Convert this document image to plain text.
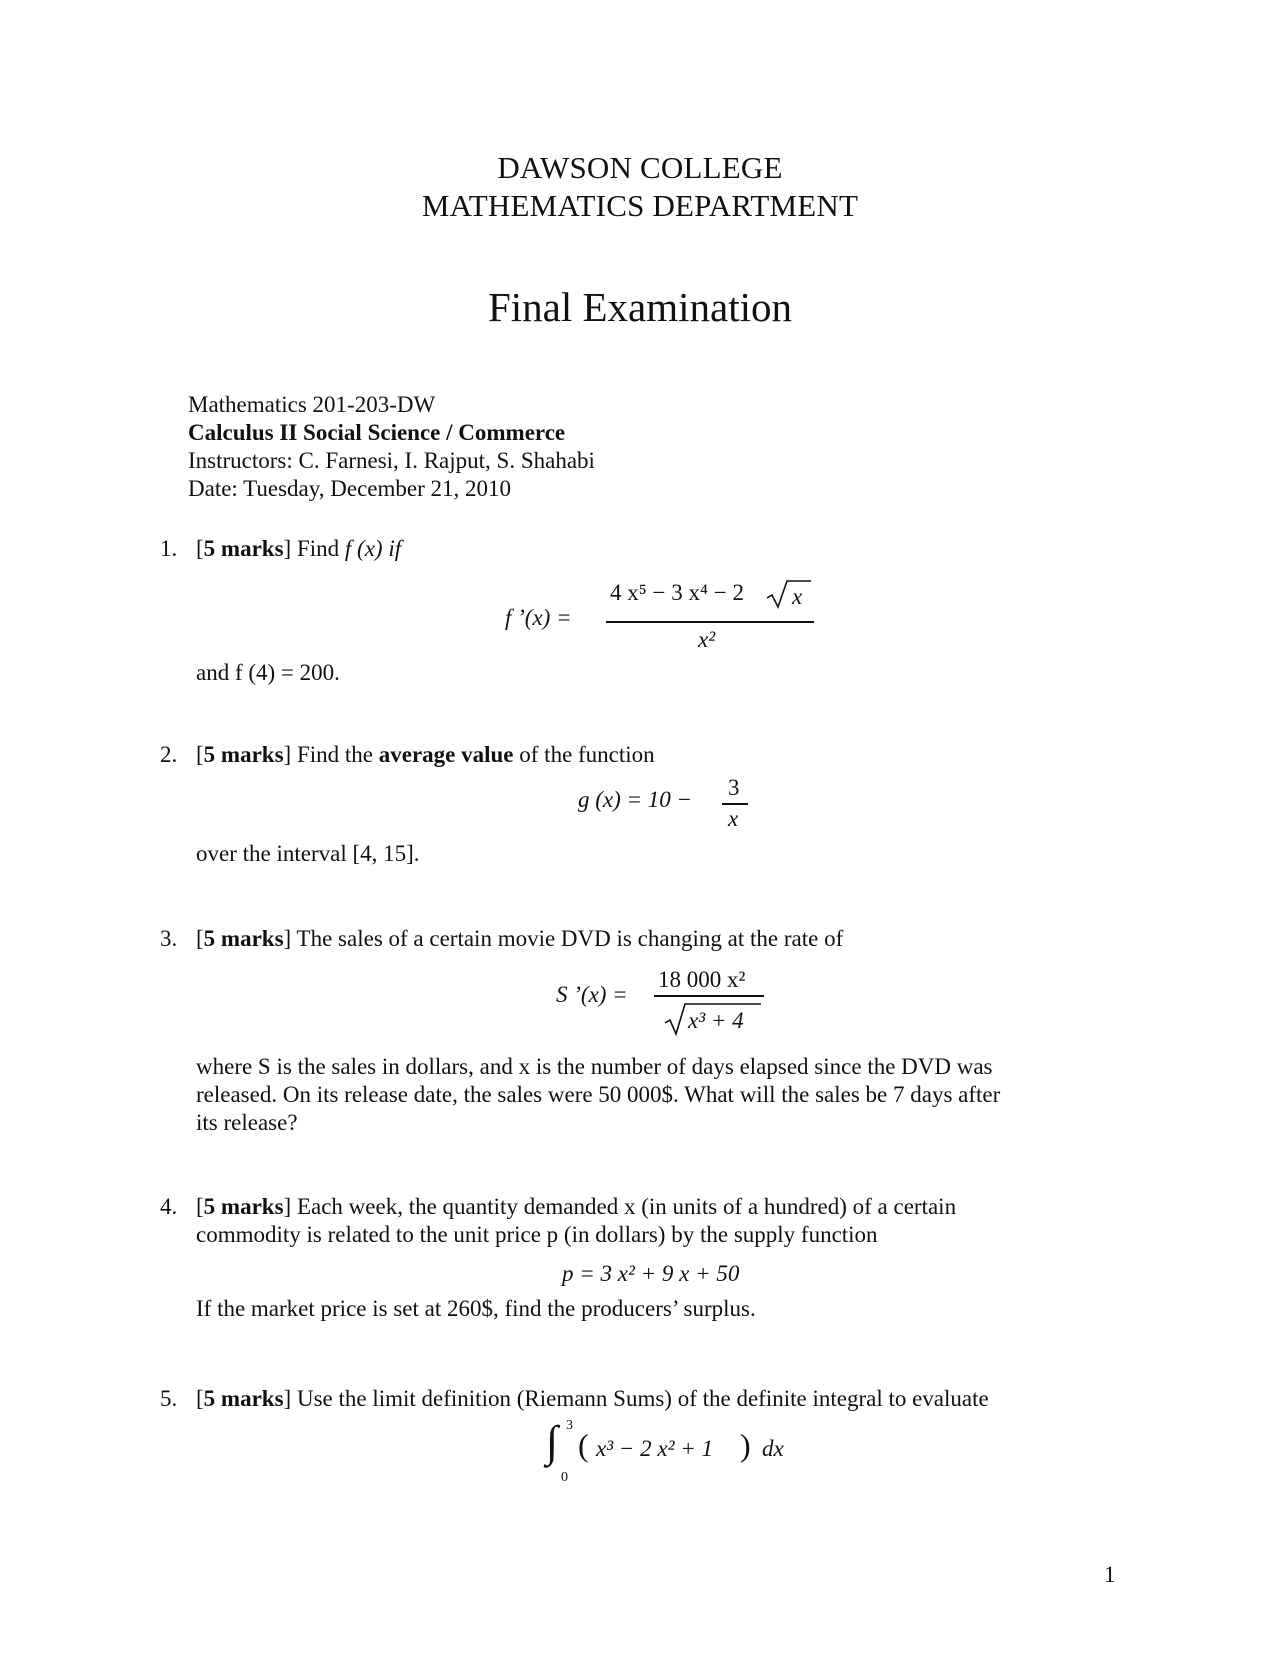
DAWSON COLLEGE
MATHEMATICS DEPARTMENT
Final Examination
Mathematics 201-203-DW
Calculus II Social Science / Commerce
Instructors: C. Farnesi, I. Rajput, S. Shahabi
Date: Tuesday, December 21, 2010
1. [5 marks] Find f (x) if
f ’(x) =
4 x⁵ − 3 x⁴ − 2 x
x²
and f (4) = 200.
2. [5 marks] Find the average value of the function
g (x) = 10 − 3
x
over the interval [4, 15].
3. [5 marks] The sales of a certain movie DVD is changing at the rate of
S ’(x) =
18 000 x²
x³ + 4
where S is the sales in dollars, and x is the number of days elapsed since the DVD was
released. On its release date, the sales were 50 000$. What will the sales be 7 days after
its release?
4. [5 marks] Each week, the quantity demanded x (in units of a hundred) of a certain
commodity is related to the unit price p (in dollars) by the supply function
p = 3 x² + 9 x + 50
If the market price is set at 260$, find the producers’ surplus.
5. [5 marks] Use the limit definition (Riemann Sums) of the definite integral to evaluate
∫ 3
0
( x³ − 2 x² + 1 ) dx
1
